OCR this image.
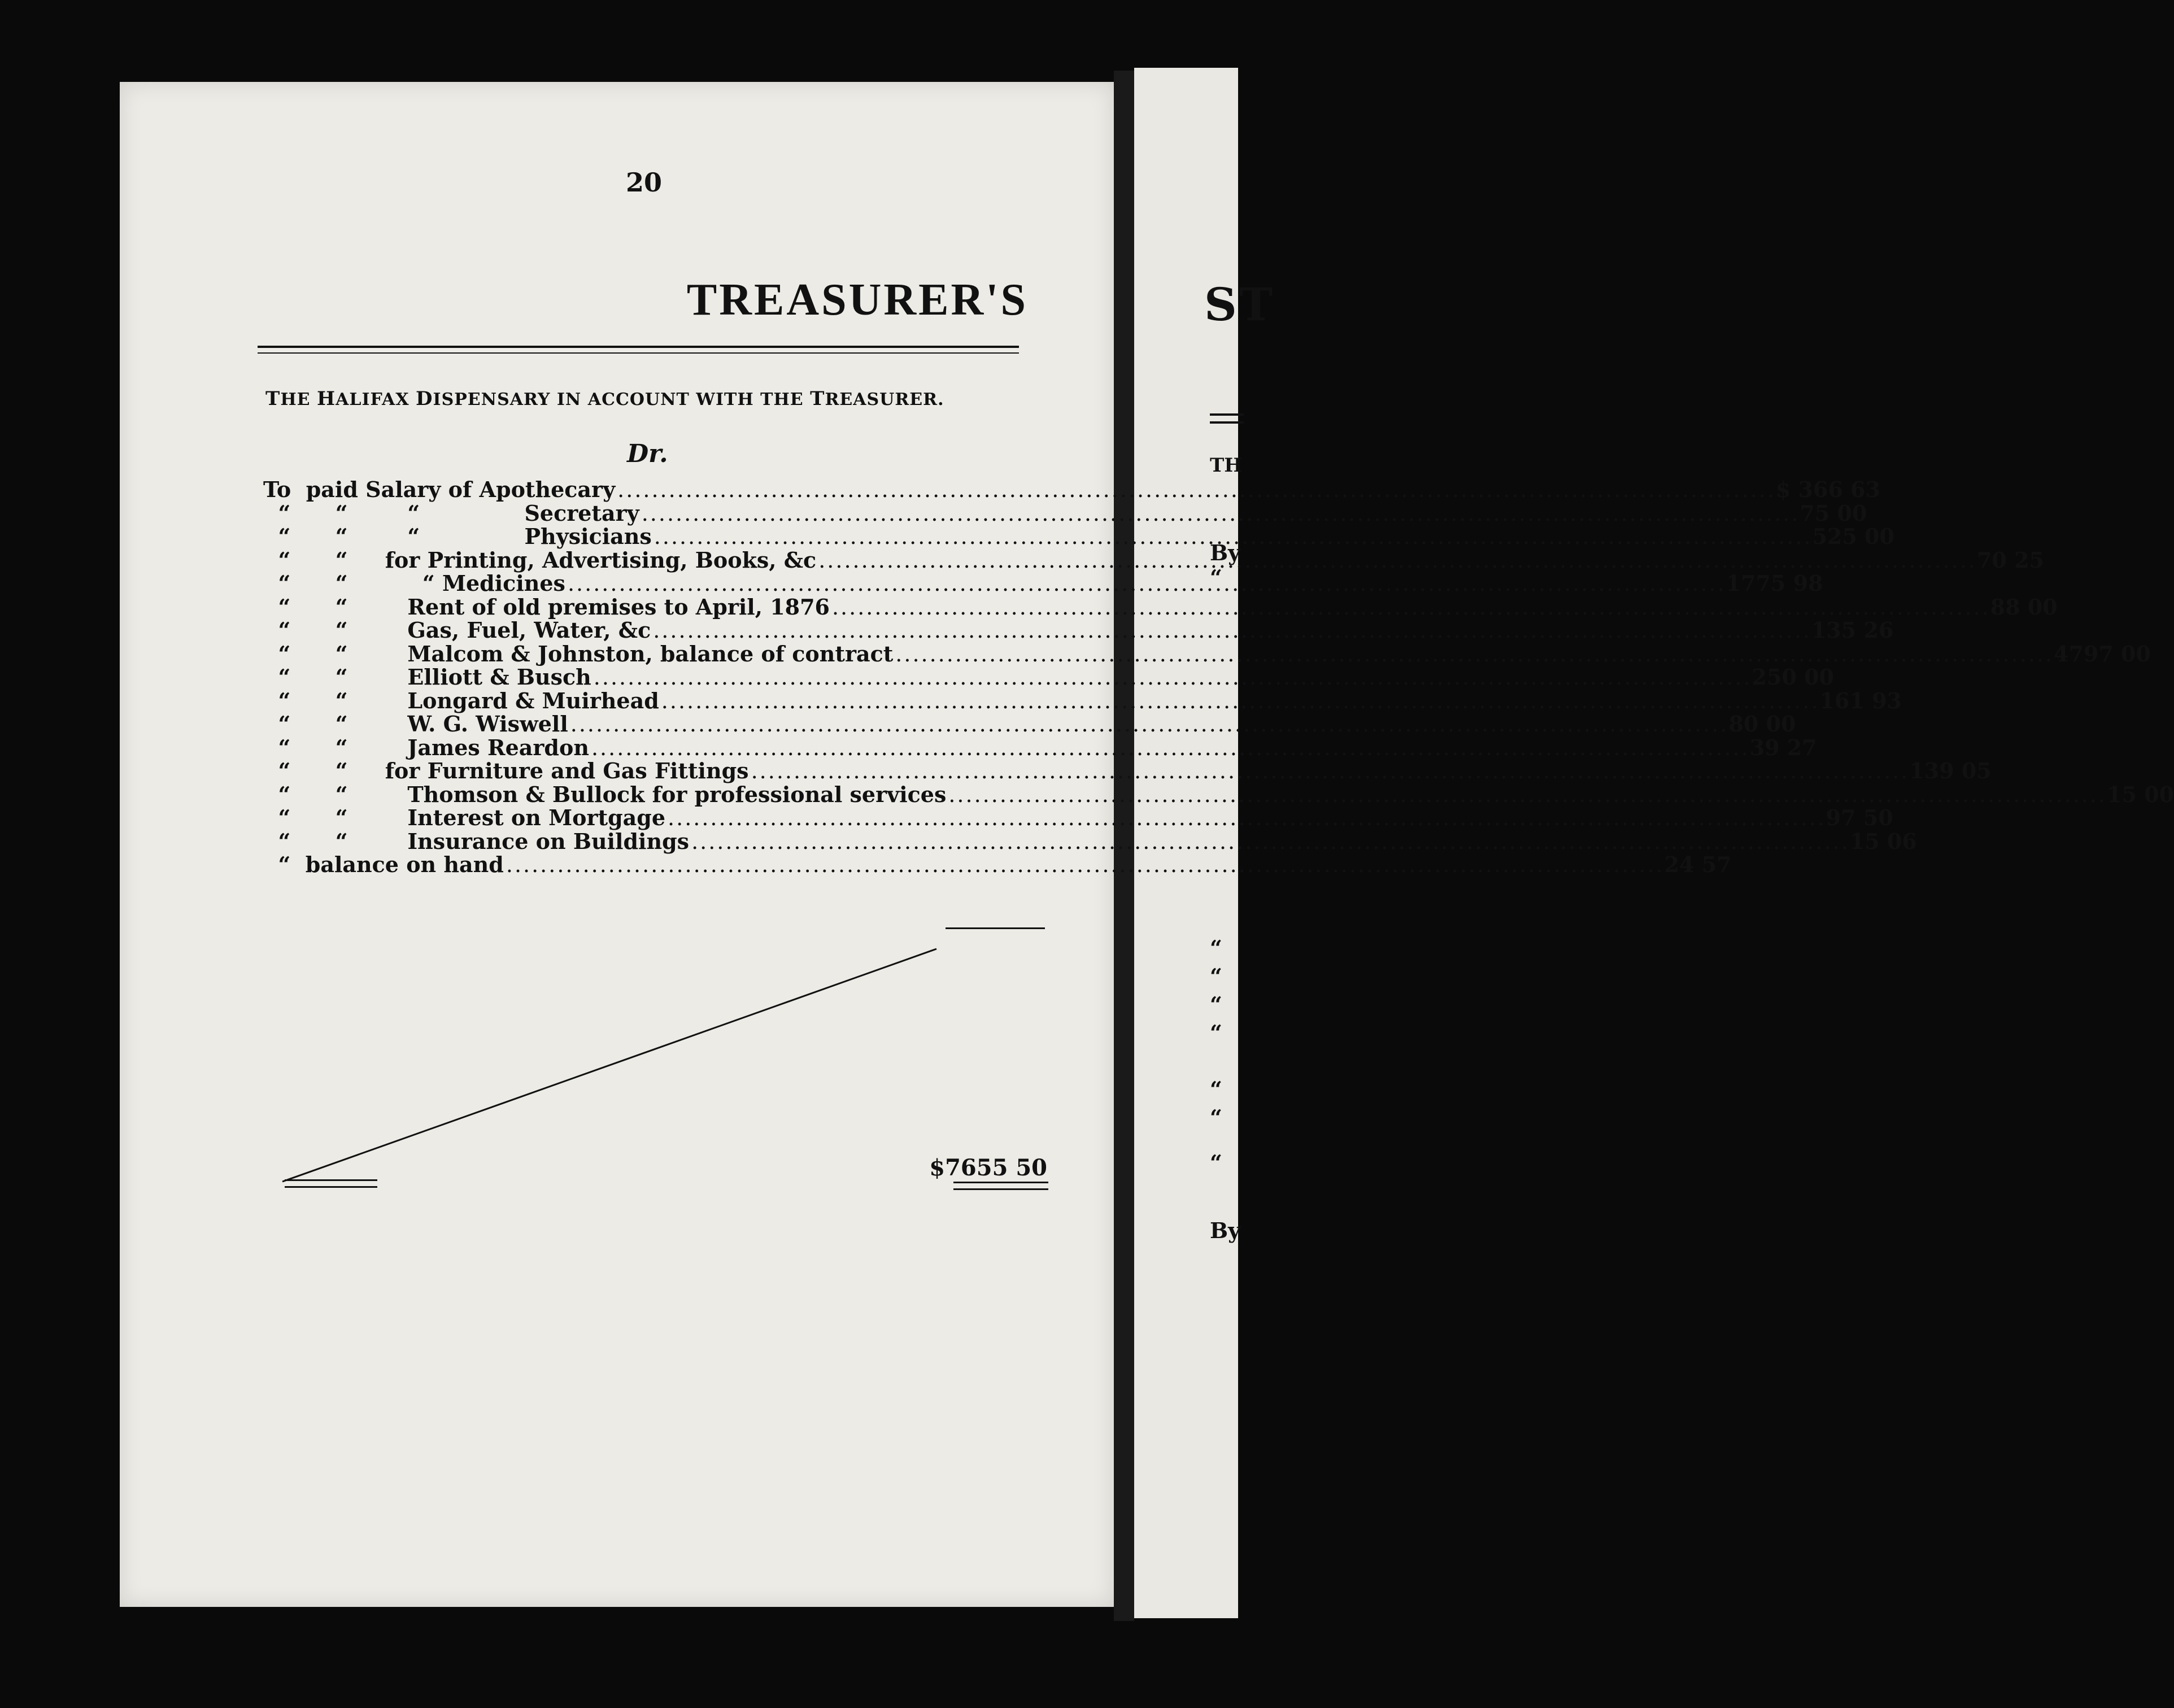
ST
TH
By
“
“
“
“
“
“
“
“
By
20
TREASURER'S
THE HALIFAX DISPENSARY IN ACCOUNT WITH THE TREASURER.
Dr.
To  paid Salary of Apothecary .....	$ 366 63
“      “        “ Secretary .....	75 00
“      “        “ Physicians .....	525 00
“      “ for Printing, Advertising, Books, &c .....	70 25
“      “          “ Medicines .....	1775 98
“      “ Rent of old premises to April, 1876 .....	88 00
“      “ Gas, Fuel, Water, &c .....	135 26
“      “ Malcom & Johnston, balance of contract .....	4797 00
“      “ Elliott & Busch .....	250 00
“      “ Longard & Muirhead .....	161 93
“      “ W. G. Wiswell .....	80 00
“      “ James Reardon .....	39 27
“      “ for Furniture and Gas Fittings .....	139 05
“      “ Thomson & Bullock for professional services .....	15 00
“      “ Interest on Mortgage .....	97 50
“      “ Insurance on Buildings .....	15 06
“ balance on hand .....	24 57
$7655 50
